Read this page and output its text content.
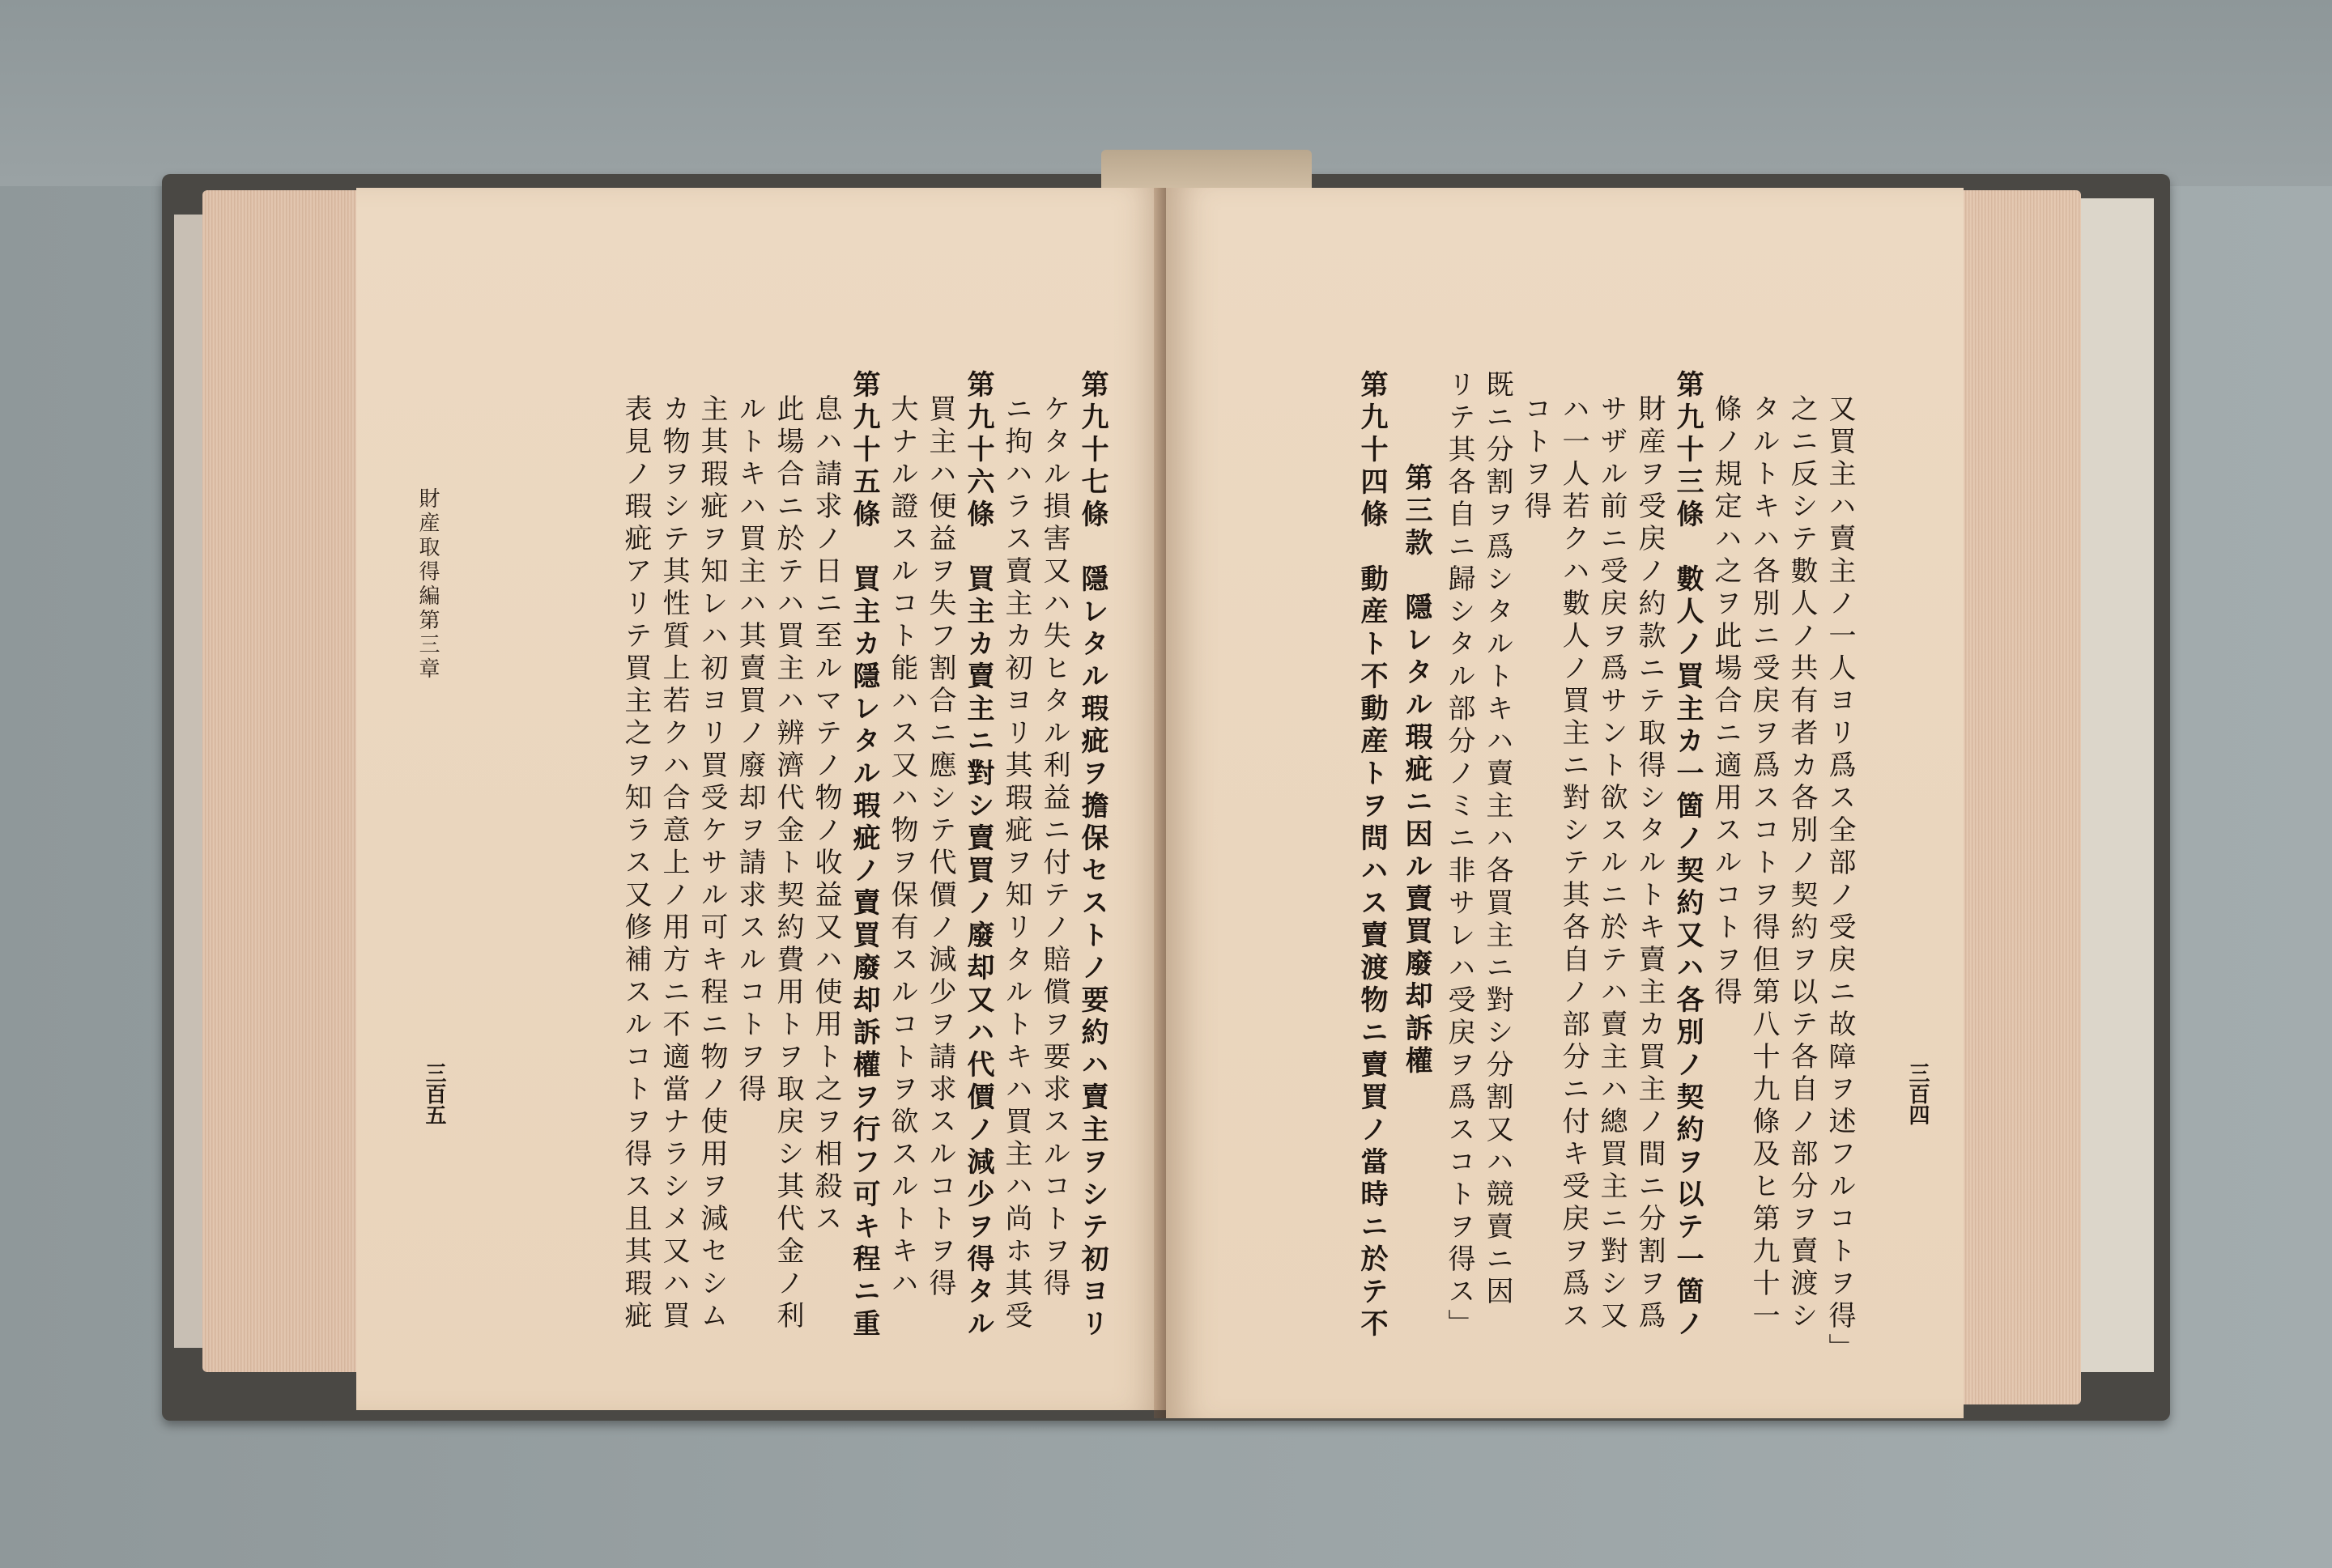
表見ノ瑕疵アリテ買主之ヲ知ラス又修補スルコトヲ得ス且其瑕疵 カ物ヲシテ其性質上若クハ合意上ノ用方ニ不適當ナラシメ又ハ買 主其瑕疵ヲ知レハ初ヨリ買受ケサル可キ程ニ物ノ使用ヲ減セシム ルトキハ買主ハ其賣買ノ廢却ヲ請求スルコトヲ得 此場合ニ於テハ買主ハ辨濟代金ト契約費用トヲ取戻シ其代金ノ利 息ハ請求ノ日ニ至ルマテノ物ノ收益又ハ使用ト之ヲ相殺ス 第九十五條　買主カ隱レタル瑕疵ノ賣買廢却訴權ヲ行フ可キ程ニ重 大ナル證スルコト能ハス又ハ物ヲ保有スルコトヲ欲スルトキハ 買主ハ便益ヲ失フ割合ニ應シテ代價ノ減少ヲ請求スルコトヲ得 第九十六條　買主カ賣主ニ對シ賣買ノ廢却又ハ代價ノ減少ヲ得タル ニ拘ハラス賣主カ初ヨリ其瑕疵ヲ知リタルトキハ買主ハ尚ホ其受 ケタル損害又ハ失ヒタル利益ニ付テノ賠償ヲ要求スルコトヲ得 第九十七條　隱レタル瑕疵ヲ擔保セストノ要約ハ賣主ヲシテ初ヨリ
財産取得編第三章
三百五	三百四
又買主ハ賣主ノ一人ヨリ爲ス全部ノ受戻ニ故障ヲ述フルコトヲ得」
之ニ反シテ數人ノ共有者カ各別ノ契約ヲ以テ各自ノ部分ヲ賣渡シ
タルトキハ各別ニ受戻ヲ爲スコトヲ得但第八十九條及ヒ第九十一
條ノ規定ハ之ヲ此場合ニ適用スルコトヲ得
第九十三條　數人ノ買主カ一箇ノ契約又ハ各別ノ契約ヲ以テ一箇ノ
財産ヲ受戻ノ約款ニテ取得シタルトキ賣主カ買主ノ間ニ分割ヲ爲
サザル前ニ受戻ヲ爲サント欲スルニ於テハ賣主ハ總買主ニ對シ又
ハ一人若クハ數人ノ買主ニ對シテ其各自ノ部分ニ付キ受戻ヲ爲ス
コトヲ得
既ニ分割ヲ爲シタルトキハ賣主ハ各買主ニ對シ分割又ハ競賣ニ因
リテ其各自ニ歸シタル部分ノミニ非サレハ受戻ヲ爲スコトヲ得ス」
第三款　隱レタル瑕疵ニ因ル賣買廢却訴權
第九十四條　動産ト不動産トヲ問ハス賣渡物ニ賣買ノ當時ニ於テ不
